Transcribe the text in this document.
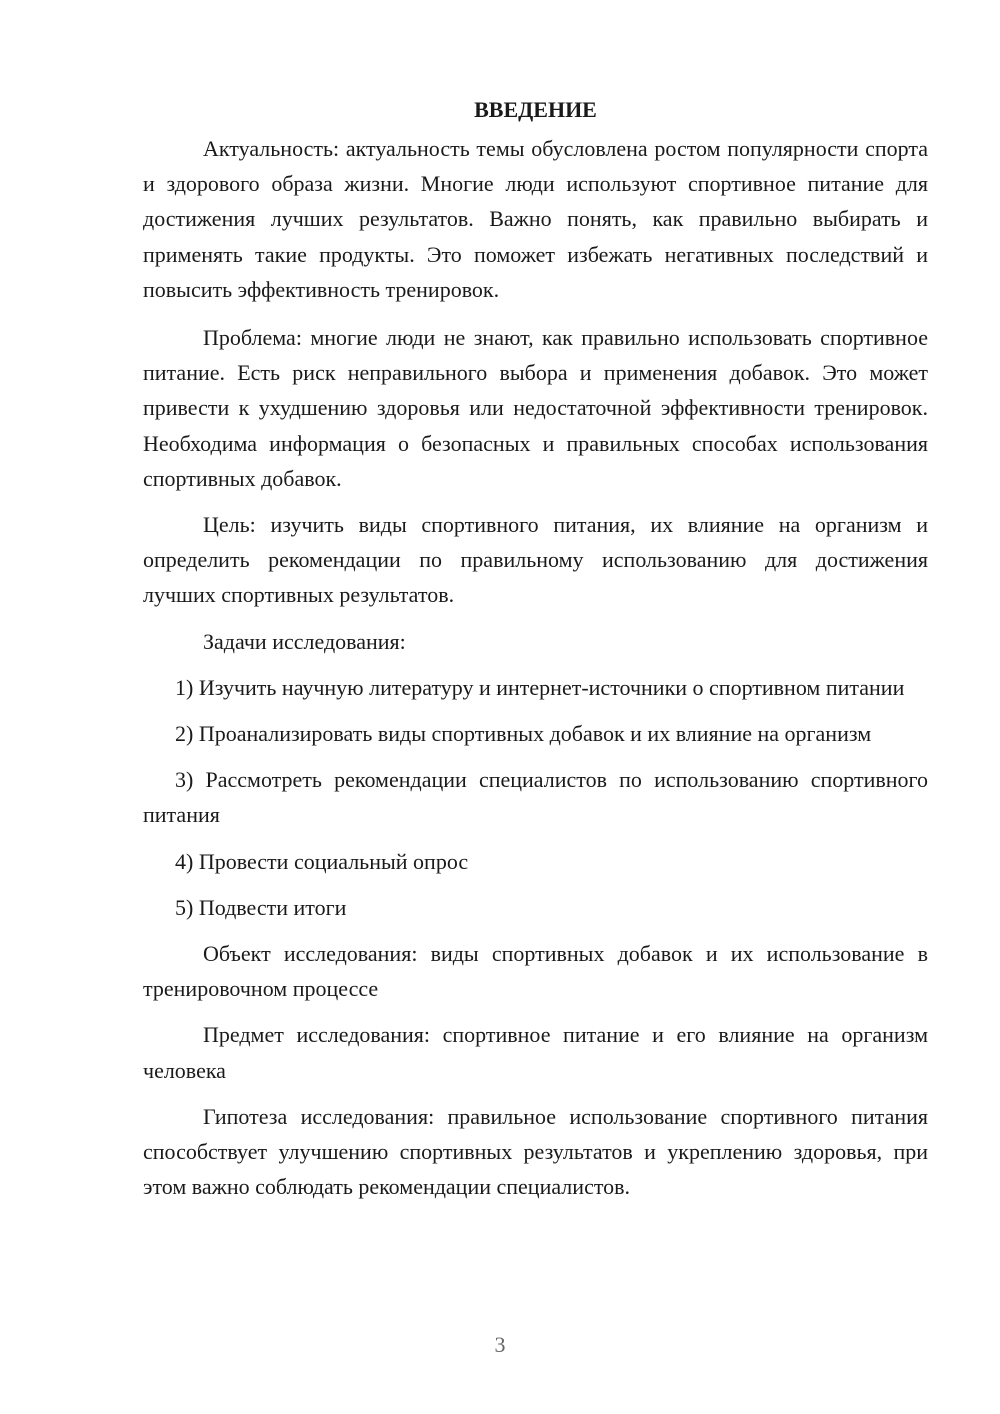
ВВЕДЕНИЕ

Актуальность: актуальность темы обусловлена ростом популярности спорта и здорового образа жизни. Многие люди используют спортивное питание для достижения лучших результатов. Важно понять, как правильно выбирать и применять такие продукты. Это поможет избежать негативных последствий и повысить эффективность тренировок.

Проблема: многие люди не знают, как правильно использовать спортивное питание. Есть риск неправильного выбора и применения добавок. Это может привести к ухудшению здоровья или недостаточной эффективности тренировок. Необходима информация о безопасных и правильных способах использования спортивных добавок.

Цель: изучить виды спортивного питания, их влияние на организм и определить рекомендации по правильному использованию для достижения лучших спортивных результатов.

Задачи исследования:

1) Изучить научную литературу и интернет-источники о спортивном питании

2) Проанализировать виды спортивных добавок и их влияние на организм

3) Рассмотреть рекомендации специалистов по использованию спортивного питания

4) Провести социальный опрос

5) Подвести итоги

Объект исследования: виды спортивных добавок и их использование в тренировочном процессе

Предмет исследования: спортивное питание и его влияние на организм человека

Гипотеза исследования: правильное использование спортивного питания способствует улучшению спортивных результатов и укреплению здоровья, при этом важно соблюдать рекомендации специалистов.

3
